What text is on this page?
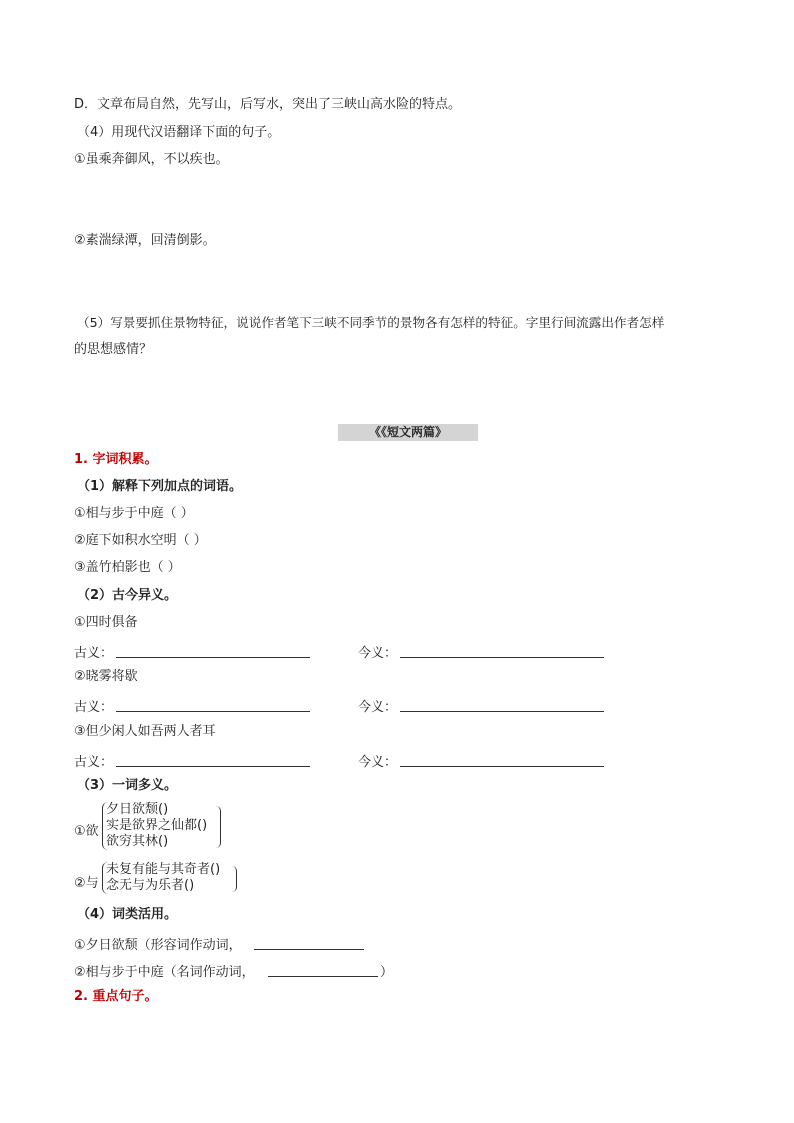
D．文章布局自然，先写山，后写水，突出了三峡山高水险的特点。
（4）用现代汉语翻译下面的句子。
①虽乘奔御风，不以疾也。
②素湍绿潭，回清倒影。
（5）写景要抓住景物特征，说说作者笔下三峡不同季节的景物各有怎样的特征。字里行间流露出作者怎样
的思想感情？
《《短文两篇》
1. 字词积累。
（1）解释下列加点的词语。
①相与步于中庭（ ）
②庭下如积水空明（ ）
③盖竹柏影也（ ）
（2）古今异义。
①四时俱备
古义：	今义：
②晓雾将歇
古义：	今义：
③但少闲人如吾两人者耳
古义：	今义：
（3）一词多义。
①欲
夕日欲颓()
实是欲界之仙都()
欲穷其林()
②与
未复有能与其奇者()
念无与为乐者()
（4）词类活用。
①夕日欲颓（形容词作动词，
②相与步于中庭（名词作动词，	）
2. 重点句子。
